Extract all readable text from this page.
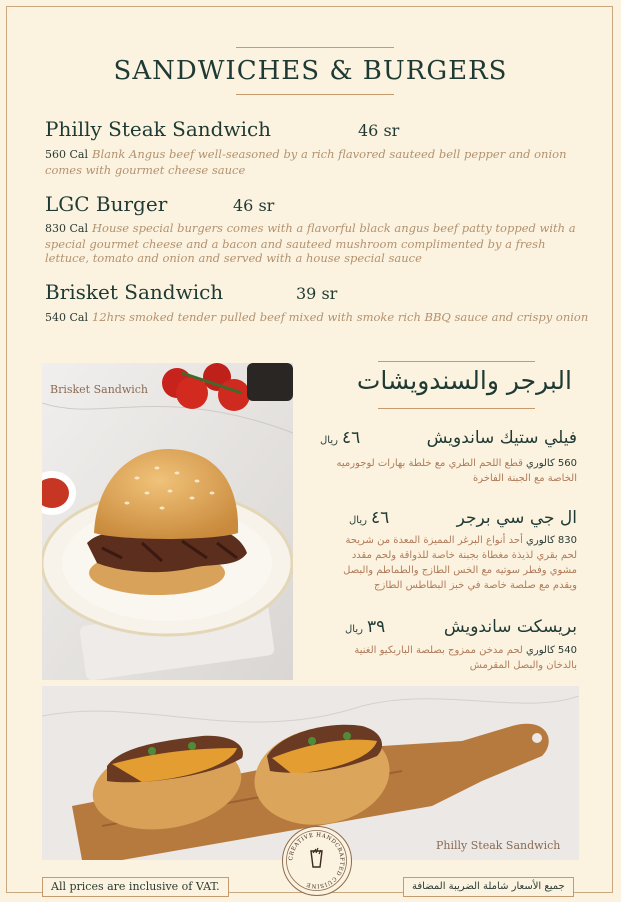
SANDWICHES & BURGERS
Philly Steak Sandwich	46 sr
560 Cal Blank Angus beef well-seasoned by a rich flavored sauteed bell pepper and onion comes with gourmet cheese sauce
LGC Burger	46 sr
830 Cal House special burgers comes with a flavorful black angus beef patty topped with a special gourmet cheese and a bacon and sauteed mushroom complimented by a fresh lettuce, tomato and onion and served with a house special sauce
Brisket Sandwich	39 sr
540 Cal 12hrs smoked tender pulled beef mixed with smoke rich BBQ sauce and crispy onion
Brisket Sandwich	البرجر والسندويشات
فيلي ستيك ساندويش
٤٦ريال
560 كالوري قطع اللحم الطري مع خلطة بهارات لوجورميه الخاصة مع الجبنة الفاخرة
ال جي سي برجر
٤٦ريال
830 كالوري أحد أنواع البرغر المميزة المعدة من شريحة لحم بقري لذيذة مغطاة بجبنة خاصة للذواقة ولحم مقدد مشوي وفطر سوتيه مع الخس الطازج والطماطم والبصل ويقدم مع صلصة خاصة في خبز البطاطس الطازج
بريسكت ساندويش
٣٩ريال
540 كالوري لحم مدخن ممزوج بصلصة الباربكيو الغنية بالدخان والبصل المقرمش
Philly Steak Sandwich
All prices are inclusive of VAT.	جميع الأسعار شاملة الضريبة المضافة
CREATIVE HANDCRAFTED CUISINE
